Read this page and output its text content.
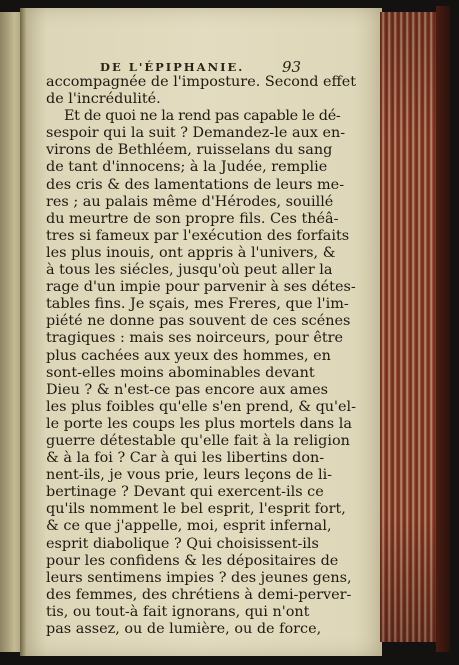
DE L'ÉPIPHANIE.	93
accompagnée de l'imposture. Second effet
de l'incrédulité.
Et de quoi ne la rend pas capable le dé-
sespoir qui la suit ? Demandez-le aux en-
virons de Bethléem, ruisselans du sang
de tant d'innocens; à la Judée, remplie
des cris & des lamentations de leurs me-
res ; au palais même d'Hérodes, souillé
du meurtre de son propre fils. Ces théâ-
tres si fameux par l'exécution des forfaits
les plus inouis, ont appris à l'univers, &
à tous les siécles, jusqu'où peut aller la
rage d'un impie pour parvenir à ses détes-
tables fins. Je sçais, mes Freres, que l'im-
piété ne donne pas souvent de ces scénes
tragiques : mais ses noirceurs, pour être
plus cachées aux yeux des hommes, en
sont-elles moins abominables devant
Dieu ? & n'est-ce pas encore aux ames
les plus foibles qu'elle s'en prend, & qu'el-
le porte les coups les plus mortels dans la
guerre détestable qu'elle fait à la religion
& à la foi ? Car à qui les libertins don-
nent-ils, je vous prie, leurs leçons de li-
bertinage ? Devant qui exercent-ils ce
qu'ils nomment le bel esprit, l'esprit fort,
& ce que j'appelle, moi, esprit infernal,
esprit diabolique ? Qui choisissent-ils
pour les confidens & les dépositaires de
leurs sentimens impies ? des jeunes gens,
des femmes, des chrétiens à demi-perver-
tis, ou tout-à fait ignorans, qui n'ont
pas assez, ou de lumière, ou de force,
